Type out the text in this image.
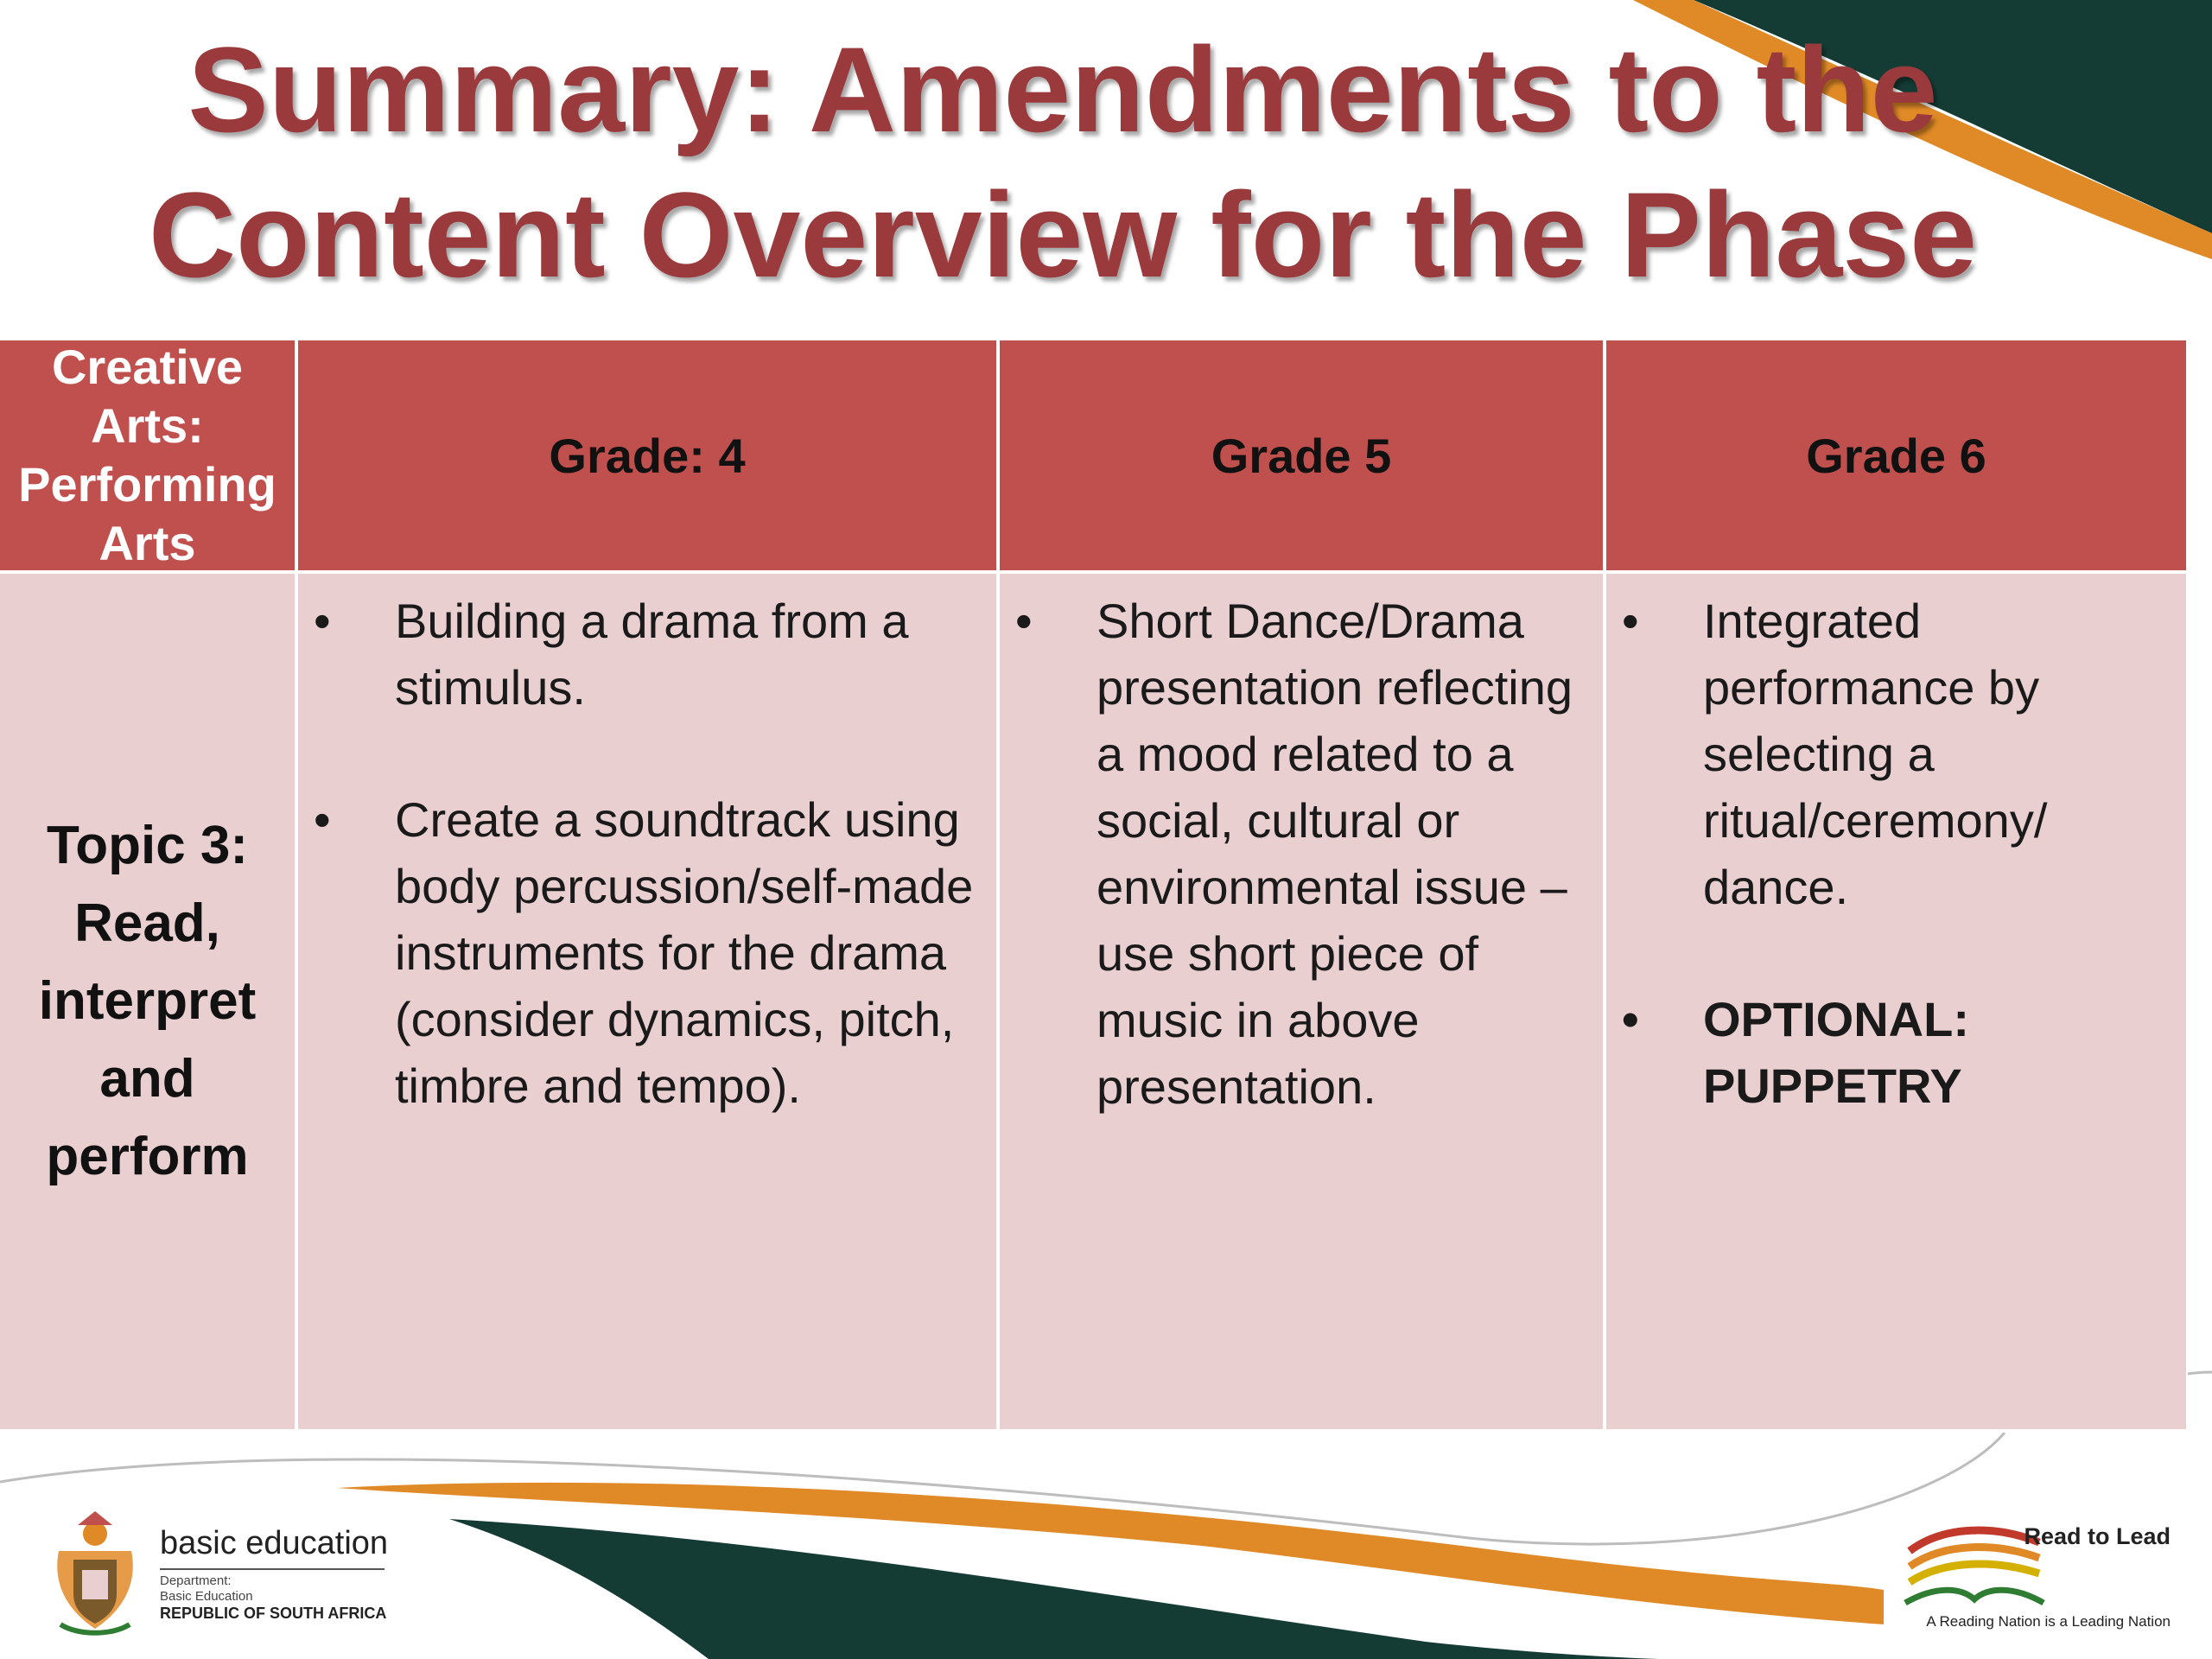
Summary: Amendments to the
Content Overview for the Phase
Creative
Arts:
Performing
Arts
Grade: 4	Grade 5	Grade 6
Topic 3:
Read,
interpret
and
perform
• Building a drama from a stimulus.
• Create a soundtrack using body percussion/self-made instruments for the drama (consider dynamics, pitch, timbre and tempo).
• Short Dance/Drama presentation reflecting a mood related to a social, cultural or environmental issue – use short piece of music in above presentation.
• Integrated performance by selecting a ritual/ceremony/ dance.
• OPTIONAL: PUPPETRY
basic education
Department:
Basic Education
REPUBLIC OF SOUTH AFRICA
Read to Lead
A Reading Nation is a Leading Nation
